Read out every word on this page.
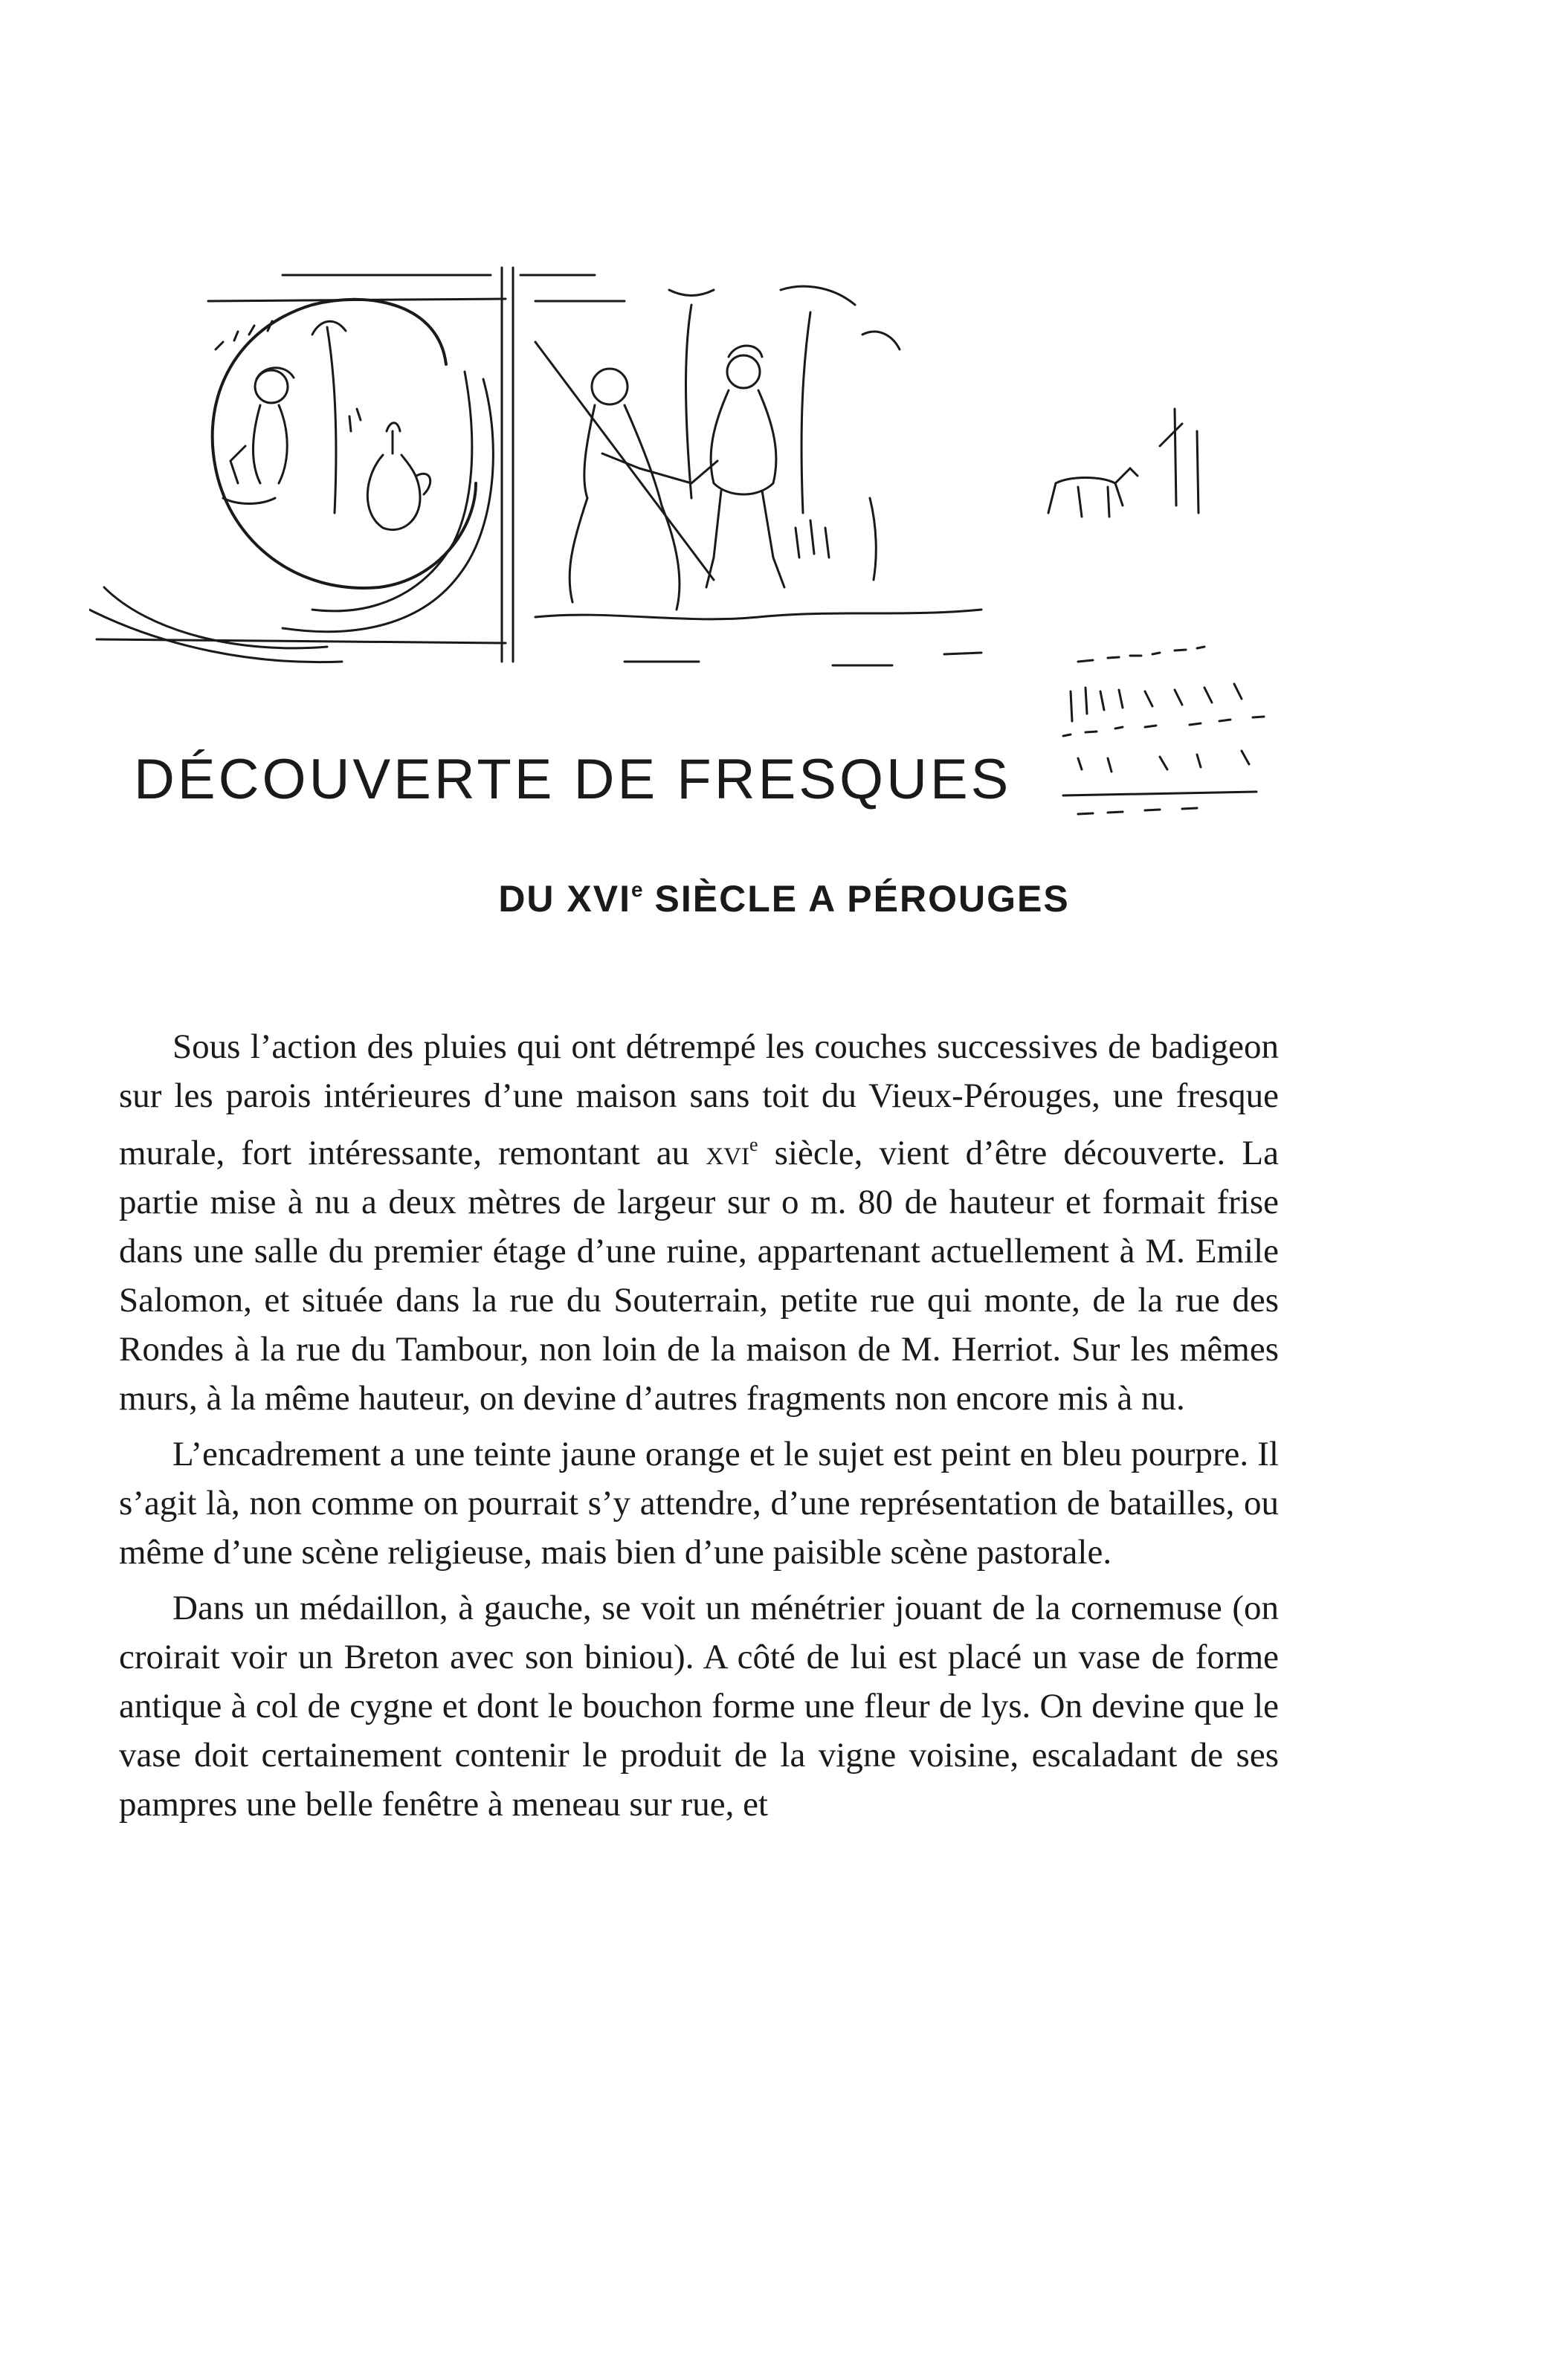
DÉCOUVERTE DE FRESQUES
DU XVIe SIÈCLE A PÉROUGES

Sous l’action des pluies qui ont détrempé les couches successives de badigeon sur les parois intérieures d’une maison sans toit du Vieux-Pérouges, une fresque murale, fort intéressante, remontant au xvi$^e$ siècle, vient d’être découverte. La partie mise à nu a deux mètres de largeur sur o m. 80 de hauteur et formait frise dans une salle du premier étage d’une ruine, appartenant actuellement à M. Emile Salomon, et située dans la rue du Souterrain, petite rue qui monte, de la rue des Rondes à la rue du Tambour, non loin de la maison de M. Herriot. Sur les mêmes murs, à la même hauteur, on devine d’autres fragments non encore mis à nu.

L’encadrement a une teinte jaune orange et le sujet est peint en bleu pourpre. Il s’agit là, non comme on pourrait s’y attendre, d’une représentation de batailles, ou même d’une scène religieuse, mais bien d’une paisible scène pastorale.

Dans un médaillon, à gauche, se voit un ménétrier jouant de la cornemuse (on croirait voir un Breton avec son biniou). A côté de lui est placé un vase de forme antique à col de cygne et dont le bouchon forme une fleur de lys. On devine que le vase doit certainement contenir le produit de la vigne voisine, escaladant de ses pampres une belle fenêtre à meneau sur rue, et
